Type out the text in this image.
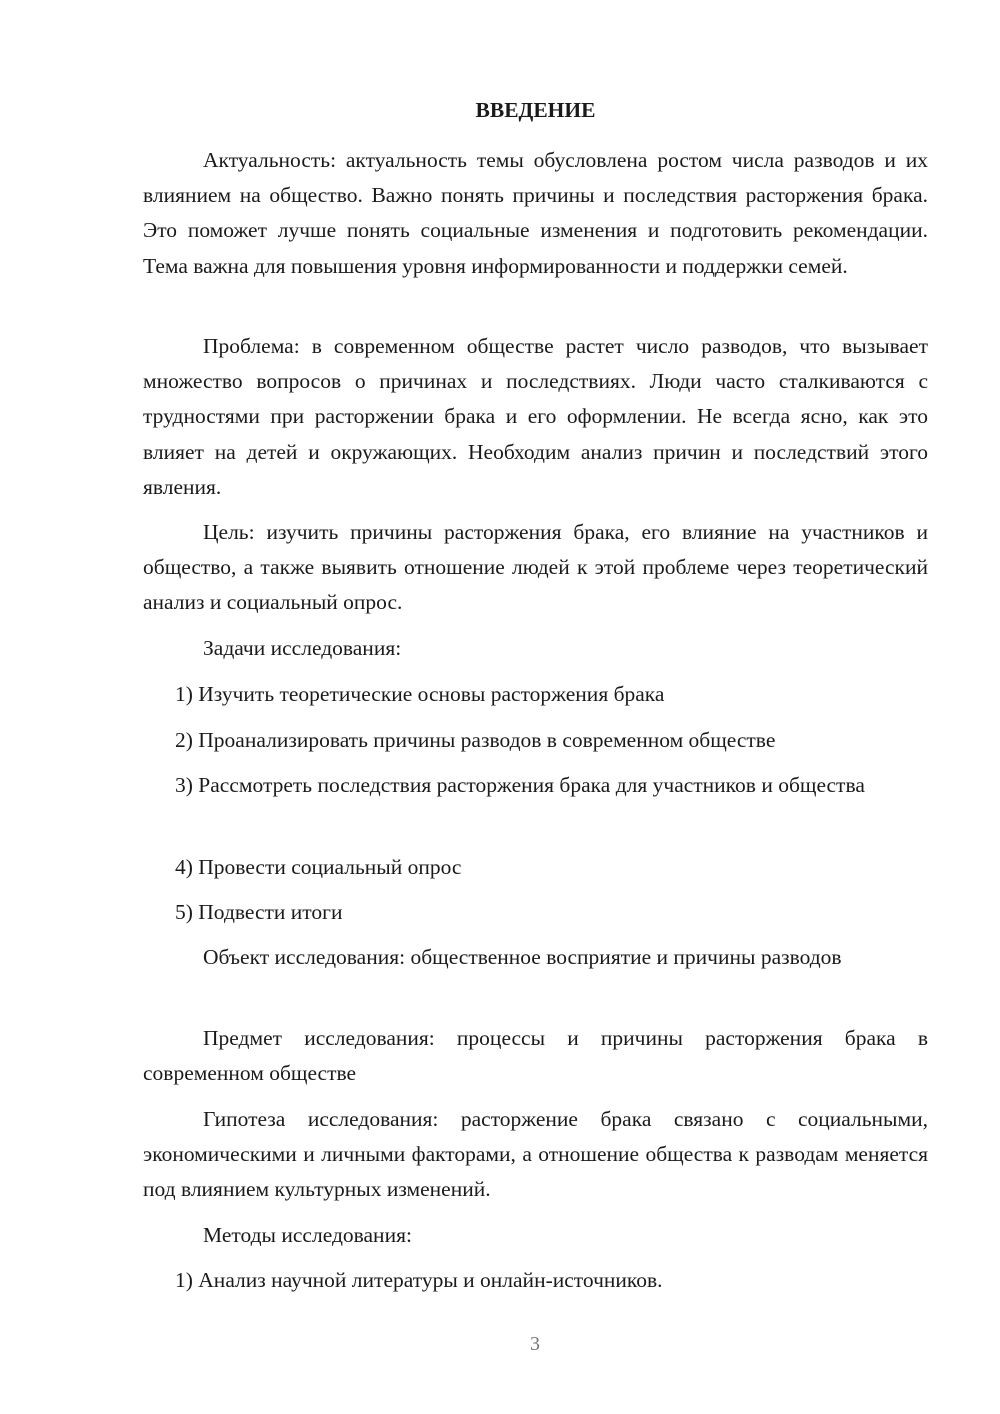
ВВЕДЕНИЕ

Актуальность: актуальность темы обусловлена ростом числа разводов и их влиянием на общество. Важно понять причины и последствия расторжения брака. Это поможет лучше понять социальные изменения и подготовить рекомендации. Тема важна для повышения уровня информированности и поддержки семей.

Проблема: в современном обществе растет число разводов, что вызывает множество вопросов о причинах и последствиях. Люди часто сталкиваются с трудностями при расторжении брака и его оформлении. Не всегда ясно, как это влияет на детей и окружающих. Необходим анализ причин и последствий этого явления.

Цель: изучить причины расторжения брака, его влияние на участников и общество, а также выявить отношение людей к этой проблеме через теоретический анализ и социальный опрос.

Задачи исследования:

1) Изучить теоретические основы расторжения брака

2) Проанализировать причины разводов в современном обществе

3) Рассмотреть последствия расторжения брака для участников и общества

4) Провести социальный опрос

5) Подвести итоги

Объект исследования: общественное восприятие и причины разводов

Предмет исследования: процессы и причины расторжения брака в современном обществе

Гипотеза исследования: расторжение брака связано с социальными, экономическими и личными факторами, а отношение общества к разводам меняется под влиянием культурных изменений.

Методы исследования:

1) Анализ научной литературы и онлайн-источников.

3
